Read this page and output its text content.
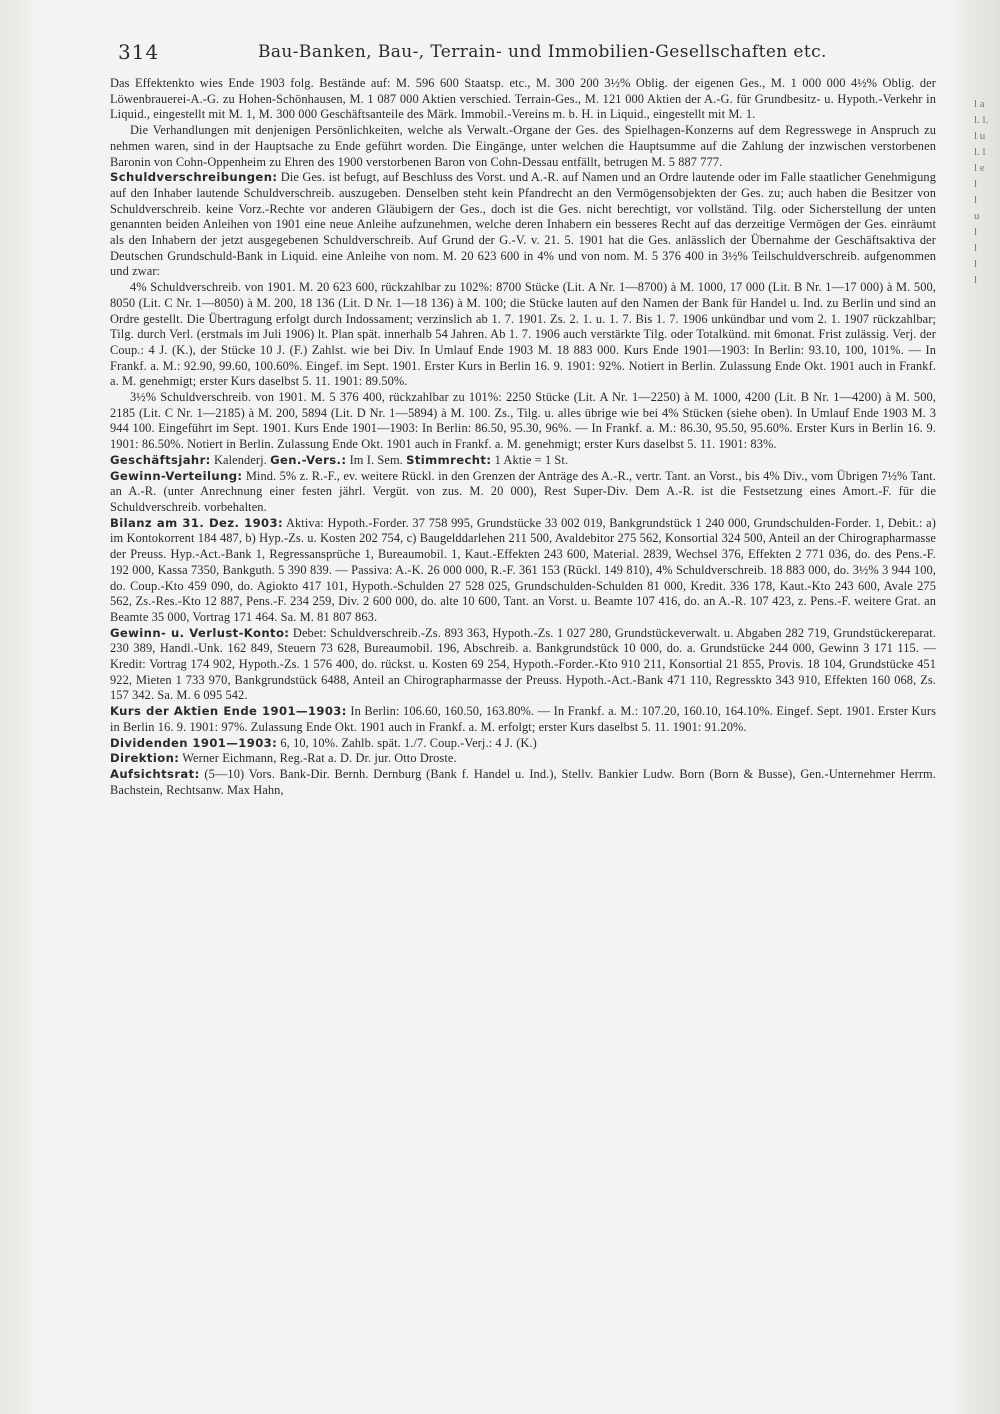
314	Bau-Banken, Bau-, Terrain- und Immobilien-Gesellschaften etc.

Das Effektenkto wies Ende 1903 folg. Bestände auf: M. 596 600 Staatsp. etc., M. 300 200 3½% Oblig. der eigenen Ges., M. 1 000 000 4½% Oblig. der Löwenbrauerei-A.-G. zu Hohen-Schönhausen, M. 1 087 000 Aktien verschied. Terrain-Ges., M. 121 000 Aktien der A.-G. für Grundbesitz- u. Hypoth.-Verkehr in Liquid., eingestellt mit M. 1, M. 300 000 Geschäftsanteile des Märk. Immobil.-Vereins m. b. H. in Liquid., eingestellt mit M. 1.

Die Verhandlungen mit denjenigen Persönlichkeiten, welche als Verwalt.-Organe der Ges. des Spielhagen-Konzerns auf dem Regresswege in Anspruch zu nehmen waren, sind in der Hauptsache zu Ende geführt worden. Die Eingänge, unter welchen die Hauptsumme auf die Zahlung der inzwischen verstorbenen Baronin von Cohn-Oppenheim zu Ehren des 1900 verstorbenen Baron von Cohn-Dessau entfällt, betrugen M. 5 887 777.

Schuldverschreibungen: Die Ges. ist befugt, auf Beschluss des Vorst. und A.-R. auf Namen und an Ordre lautende oder im Falle staatlicher Genehmigung auf den Inhaber lautende Schuldverschreib. auszugeben. Denselben steht kein Pfandrecht an den Vermögensobjekten der Ges. zu; auch haben die Besitzer von Schuldverschreib. keine Vorz.-Rechte vor anderen Gläubigern der Ges., doch ist die Ges. nicht berechtigt, vor vollständ. Tilg. oder Sicherstellung der unten genannten beiden Anleihen von 1901 eine neue Anleihe aufzunehmen, welche deren Inhabern ein besseres Recht auf das derzeitige Vermögen der Ges. einräumt als den Inhabern der jetzt ausgegebenen Schuldverschreib. Auf Grund der G.-V. v. 21. 5. 1901 hat die Ges. anlässlich der Übernahme der Geschäftsaktiva der Deutschen Grundschuld-Bank in Liquid. eine Anleihe von nom. M. 20 623 600 in 4% und von nom. M. 5 376 400 in 3½% Teilschuldverschreib. aufgenommen und zwar:

4% Schuldverschreib. von 1901. M. 20 623 600, rückzahlbar zu 102%: 8700 Stücke (Lit. A Nr. 1—8700) à M. 1000, 17 000 (Lit. B Nr. 1—17 000) à M. 500, 8050 (Lit. C Nr. 1—8050) à M. 200, 18 136 (Lit. D Nr. 1—18 136) à M. 100; die Stücke lauten auf den Namen der Bank für Handel u. Ind. zu Berlin und sind an Ordre gestellt. Die Übertragung erfolgt durch Indossament; verzinslich ab 1. 7. 1901. Zs. 2. 1. u. 1. 7. Bis 1. 7. 1906 unkündbar und vom 2. 1. 1907 rückzahlbar; Tilg. durch Verl. (erstmals im Juli 1906) lt. Plan spät. innerhalb 54 Jahren. Ab 1. 7. 1906 auch verstärkte Tilg. oder Totalkünd. mit 6monat. Frist zulässig. Verj. der Coup.: 4 J. (K.), der Stücke 10 J. (F.) Zahlst. wie bei Div. In Umlauf Ende 1903 M. 18 883 000. Kurs Ende 1901—1903: In Berlin: 93.10, 100, 101%. — In Frankf. a. M.: 92.90, 99.60, 100.60%. Eingef. im Sept. 1901. Erster Kurs in Berlin 16. 9. 1901: 92%. Notiert in Berlin. Zulassung Ende Okt. 1901 auch in Frankf. a. M. genehmigt; erster Kurs daselbst 5. 11. 1901: 89.50%.

3½% Schuldverschreib. von 1901. M. 5 376 400, rückzahlbar zu 101%: 2250 Stücke (Lit. A Nr. 1—2250) à M. 1000, 4200 (Lit. B Nr. 1—4200) à M. 500, 2185 (Lit. C Nr. 1—2185) à M. 200, 5894 (Lit. D Nr. 1—5894) à M. 100. Zs., Tilg. u. alles übrige wie bei 4% Stücken (siehe oben). In Umlauf Ende 1903 M. 3 944 100. Eingeführt im Sept. 1901. Kurs Ende 1901—1903: In Berlin: 86.50, 95.30, 96%. — In Frankf. a. M.: 86.30, 95.50, 95.60%. Erster Kurs in Berlin 16. 9. 1901: 86.50%. Notiert in Berlin. Zulassung Ende Okt. 1901 auch in Frankf. a. M. genehmigt; erster Kurs daselbst 5. 11. 1901: 83%.

Geschäftsjahr: Kalenderj. Gen.-Vers.: Im I. Sem. Stimmrecht: 1 Aktie = 1 St.

Gewinn-Verteilung: Mind. 5% z. R.-F., ev. weitere Rückl. in den Grenzen der Anträge des A.-R., vertr. Tant. an Vorst., bis 4% Div., vom Übrigen 7½% Tant. an A.-R. (unter Anrechnung einer festen jährl. Vergüt. von zus. M. 20 000), Rest Super-Div. Dem A.-R. ist die Festsetzung eines Amort.-F. für die Schuldverschreib. vorbehalten.

Bilanz am 31. Dez. 1903: Aktiva: Hypoth.-Forder. 37 758 995, Grundstücke 33 002 019, Bankgrundstück 1 240 000, Grundschulden-Forder. 1, Debit.: a) im Kontokorrent 184 487, b) Hyp.-Zs. u. Kosten 202 754, c) Baugelddarlehen 211 500, Avaldebitor 275 562, Konsortial 324 500, Anteil an der Chirographarmasse der Preuss. Hyp.-Act.-Bank 1, Regressansprüche 1, Bureaumobil. 1, Kaut.-Effekten 243 600, Material. 2839, Wechsel 376, Effekten 2 771 036, do. des Pens.-F. 192 000, Kassa 7350, Bankguth. 5 390 839. — Passiva: A.-K. 26 000 000, R.-F. 361 153 (Rückl. 149 810), 4% Schuldverschreib. 18 883 000, do. 3½% 3 944 100, do. Coup.-Kto 459 090, do. Agiokto 417 101, Hypoth.-Schulden 27 528 025, Grundschulden-Schulden 81 000, Kredit. 336 178, Kaut.-Kto 243 600, Avale 275 562, Zs.-Res.-Kto 12 887, Pens.-F. 234 259, Div. 2 600 000, do. alte 10 600, Tant. an Vorst. u. Beamte 107 416, do. an A.-R. 107 423, z. Pens.-F. weitere Grat. an Beamte 35 000, Vortrag 171 464. Sa. M. 81 807 863.

Gewinn- u. Verlust-Konto: Debet: Schuldverschreib.-Zs. 893 363, Hypoth.-Zs. 1 027 280, Grundstückeverwalt. u. Abgaben 282 719, Grundstückereparat. 230 389, Handl.-Unk. 162 849, Steuern 73 628, Bureaumobil. 196, Abschreib. a. Bankgrundstück 10 000, do. a. Grundstücke 244 000, Gewinn 3 171 115. — Kredit: Vortrag 174 902, Hypoth.-Zs. 1 576 400, do. rückst. u. Kosten 69 254, Hypoth.-Forder.-Kto 910 211, Konsortial 21 855, Provis. 18 104, Grundstücke 451 922, Mieten 1 733 970, Bankgrundstück 6488, Anteil an Chirographarmasse der Preuss. Hypoth.-Act.-Bank 471 110, Regresskto 343 910, Effekten 160 068, Zs. 157 342. Sa. M. 6 095 542.

Kurs der Aktien Ende 1901—1903: In Berlin: 106.60, 160.50, 163.80%. — In Frankf. a. M.: 107.20, 160.10, 164.10%. Eingef. Sept. 1901. Erster Kurs in Berlin 16. 9. 1901: 97%. Zulassung Ende Okt. 1901 auch in Frankf. a. M. erfolgt; erster Kurs daselbst 5. 11. 1901: 91.20%.

Dividenden 1901—1903: 6, 10, 10%. Zahlb. spät. 1./7. Coup.-Verj.: 4 J. (K.)

Direktion: Werner Eichmann, Reg.-Rat a. D. Dr. jur. Otto Droste.

Aufsichtsrat: (5—10) Vors. Bank-Dir. Bernh. Dernburg (Bank f. Handel u. Ind.), Stellv. Bankier Ludw. Born (Born & Busse), Gen.-Unternehmer Herrm. Bachstein, Rechtsanw. Max Hahn,

l a
l. l.
l u
l. l
l e
l
l
u
l
l
l
l
